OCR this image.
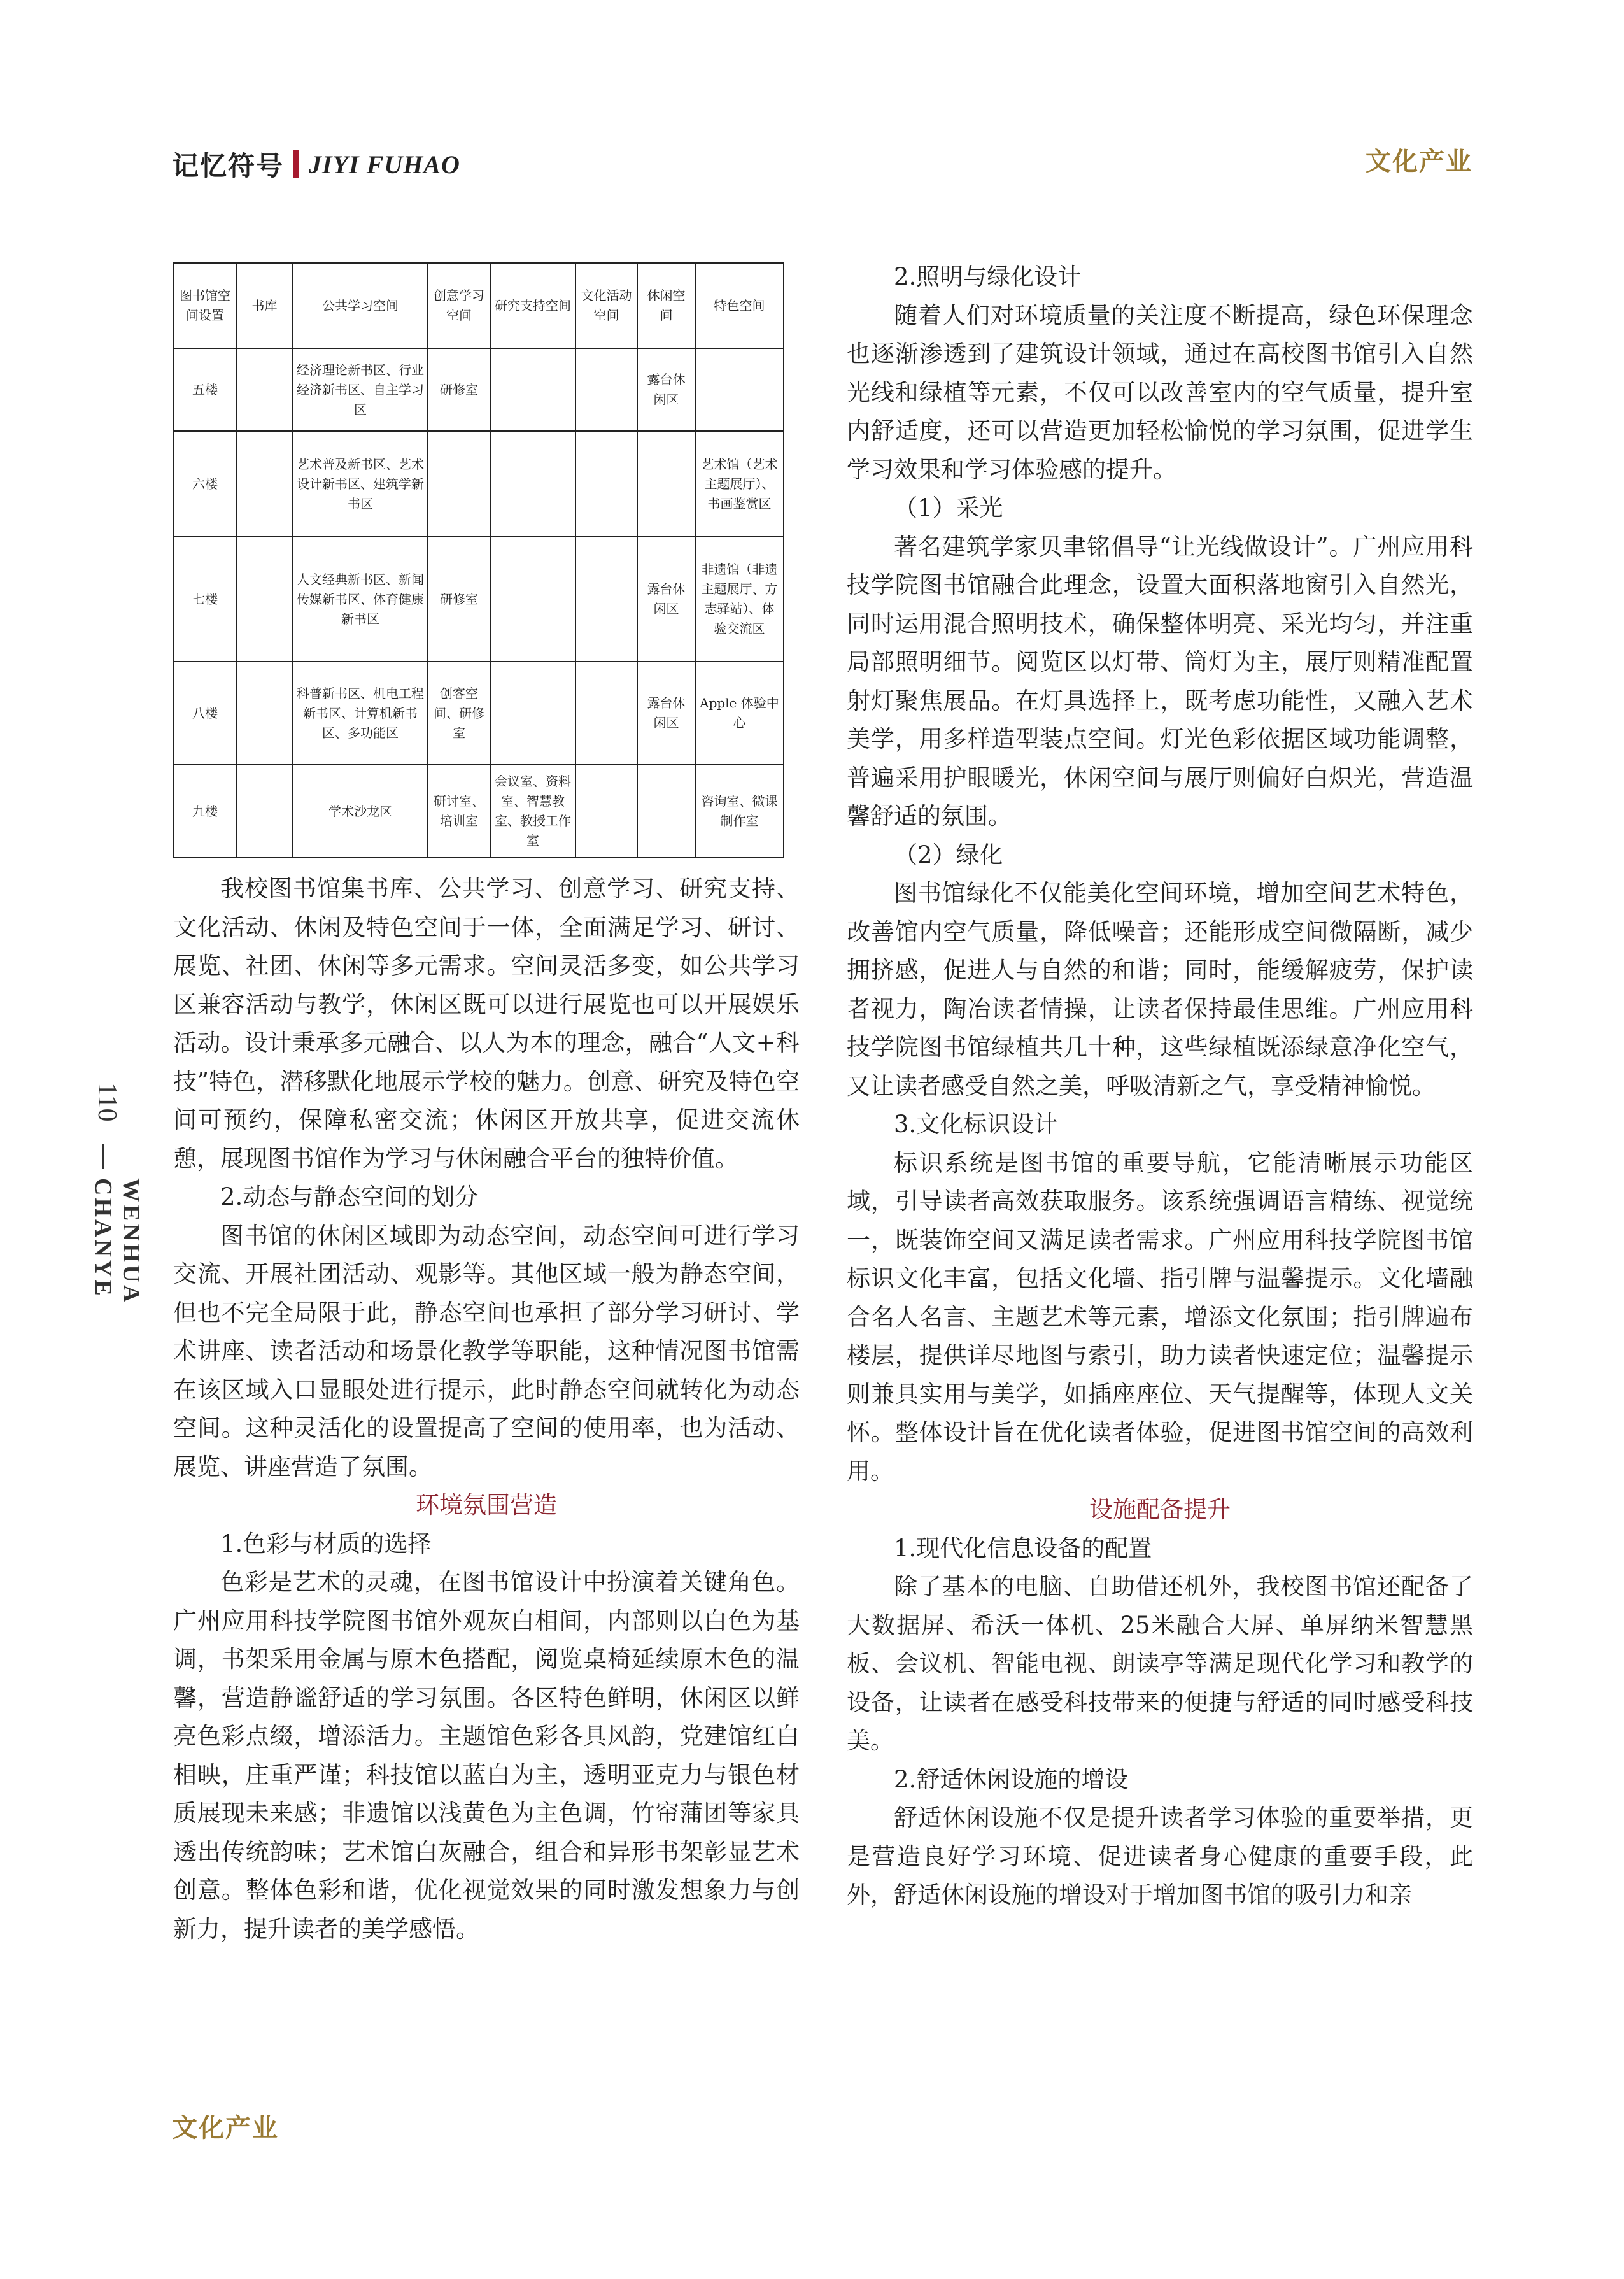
记忆符号 JIYI FUHAO	文化产业
110
WENHUA CHANYE
图书馆空间设置	书库	公共学习空间	创意学习空间	研究支持空间	文化活动空间	休闲空间	特色空间
五楼		经济理论新书区、行业经济新书区、自主学习区	研修室			露台休闲区	
六楼		艺术普及新书区、艺术设计新书区、建筑学新书区					艺术馆（艺术主题展厅）、书画鉴赏区
七楼		人文经典新书区、新闻传媒新书区、体育健康新书区	研修室			露台休闲区	非遗馆（非遗主题展厅、方志驿站）、体验交流区
八楼		科普新书区、机电工程新书区、计算机新书区、多功能区	创客空间、研修室			露台休闲区	Apple 体验中心
九楼		学术沙龙区	研讨室、培训室	会议室、资料室、智慧教室、教授工作室			咨询室、微课制作室

我校图书馆集书库、公共学习、创意学习、研究支持、文化活动、休闲及特色空间于一体，全面满足学习、研讨、展览、社团、休闲等多元需求。空间灵活多变，如公共学习区兼容活动与教学，休闲区既可以进行展览也可以开展娱乐活动。设计秉承多元融合、以人为本的理念，融合“人文+科技”特色，潜移默化地展示学校的魅力。创意、研究及特色空间可预约，保障私密交流；休闲区开放共享，促进交流休憩，展现图书馆作为学习与休闲融合平台的独特价值。

2.动态与静态空间的划分

图书馆的休闲区域即为动态空间，动态空间可进行学习交流、开展社团活动、观影等。其他区域一般为静态空间，但也不完全局限于此，静态空间也承担了部分学习研讨、学术讲座、读者活动和场景化教学等职能，这种情况图书馆需在该区域入口显眼处进行提示，此时静态空间就转化为动态空间。这种灵活化的设置提高了空间的使用率，也为活动、展览、讲座营造了氛围。

环境氛围营造

1.色彩与材质的选择

色彩是艺术的灵魂，在图书馆设计中扮演着关键角色。广州应用科技学院图书馆外观灰白相间，内部则以白色为基调，书架采用金属与原木色搭配，阅览桌椅延续原木色的温馨，营造静谧舒适的学习氛围。各区特色鲜明，休闲区以鲜亮色彩点缀，增添活力。主题馆色彩各具风韵，党建馆红白相映，庄重严谨；科技馆以蓝白为主，透明亚克力与银色材质展现未来感；非遗馆以浅黄色为主色调，竹帘蒲团等家具透出传统韵味；艺术馆白灰融合，组合和异形书架彰显艺术创意。整体色彩和谐，优化视觉效果的同时激发想象力与创新力，提升读者的美学感悟。

2.照明与绿化设计

随着人们对环境质量的关注度不断提高，绿色环保理念也逐渐渗透到了建筑设计领域，通过在高校图书馆引入自然光线和绿植等元素，不仅可以改善室内的空气质量，提升室内舒适度，还可以营造更加轻松愉悦的学习氛围，促进学生学习效果和学习体验感的提升。

（1）采光

著名建筑学家贝聿铭倡导“让光线做设计”。广州应用科技学院图书馆融合此理念，设置大面积落地窗引入自然光，同时运用混合照明技术，确保整体明亮、采光均匀，并注重局部照明细节。阅览区以灯带、筒灯为主，展厅则精准配置射灯聚焦展品。在灯具选择上，既考虑功能性，又融入艺术美学，用多样造型装点空间。灯光色彩依据区域功能调整，普遍采用护眼暖光，休闲空间与展厅则偏好白炽光，营造温馨舒适的氛围。

（2）绿化

图书馆绿化不仅能美化空间环境，增加空间艺术特色，改善馆内空气质量，降低噪音；还能形成空间微隔断，减少拥挤感，促进人与自然的和谐；同时，能缓解疲劳，保护读者视力，陶冶读者情操，让读者保持最佳思维。广州应用科技学院图书馆绿植共几十种，这些绿植既添绿意净化空气，又让读者感受自然之美，呼吸清新之气，享受精神愉悦。

3.文化标识设计

标识系统是图书馆的重要导航，它能清晰展示功能区域，引导读者高效获取服务。该系统强调语言精练、视觉统一，既装饰空间又满足读者需求。广州应用科技学院图书馆标识文化丰富，包括文化墙、指引牌与温馨提示。文化墙融合名人名言、主题艺术等元素，增添文化氛围；指引牌遍布楼层，提供详尽地图与索引，助力读者快速定位；温馨提示则兼具实用与美学，如插座座位、天气提醒等，体现人文关怀。整体设计旨在优化读者体验，促进图书馆空间的高效利用。

设施配备提升

1.现代化信息设备的配置

除了基本的电脑、自助借还机外，我校图书馆还配备了大数据屏、希沃一体机、25米融合大屏、单屏纳米智慧黑板、会议机、智能电视、朗读亭等满足现代化学习和教学的设备，让读者在感受科技带来的便捷与舒适的同时感受科技美。

2.舒适休闲设施的增设

舒适休闲设施不仅是提升读者学习体验的重要举措，更是营造良好学习环境、促进读者身心健康的重要手段，此外，舒适休闲设施的增设对于增加图书馆的吸引力和亲

文化产业
